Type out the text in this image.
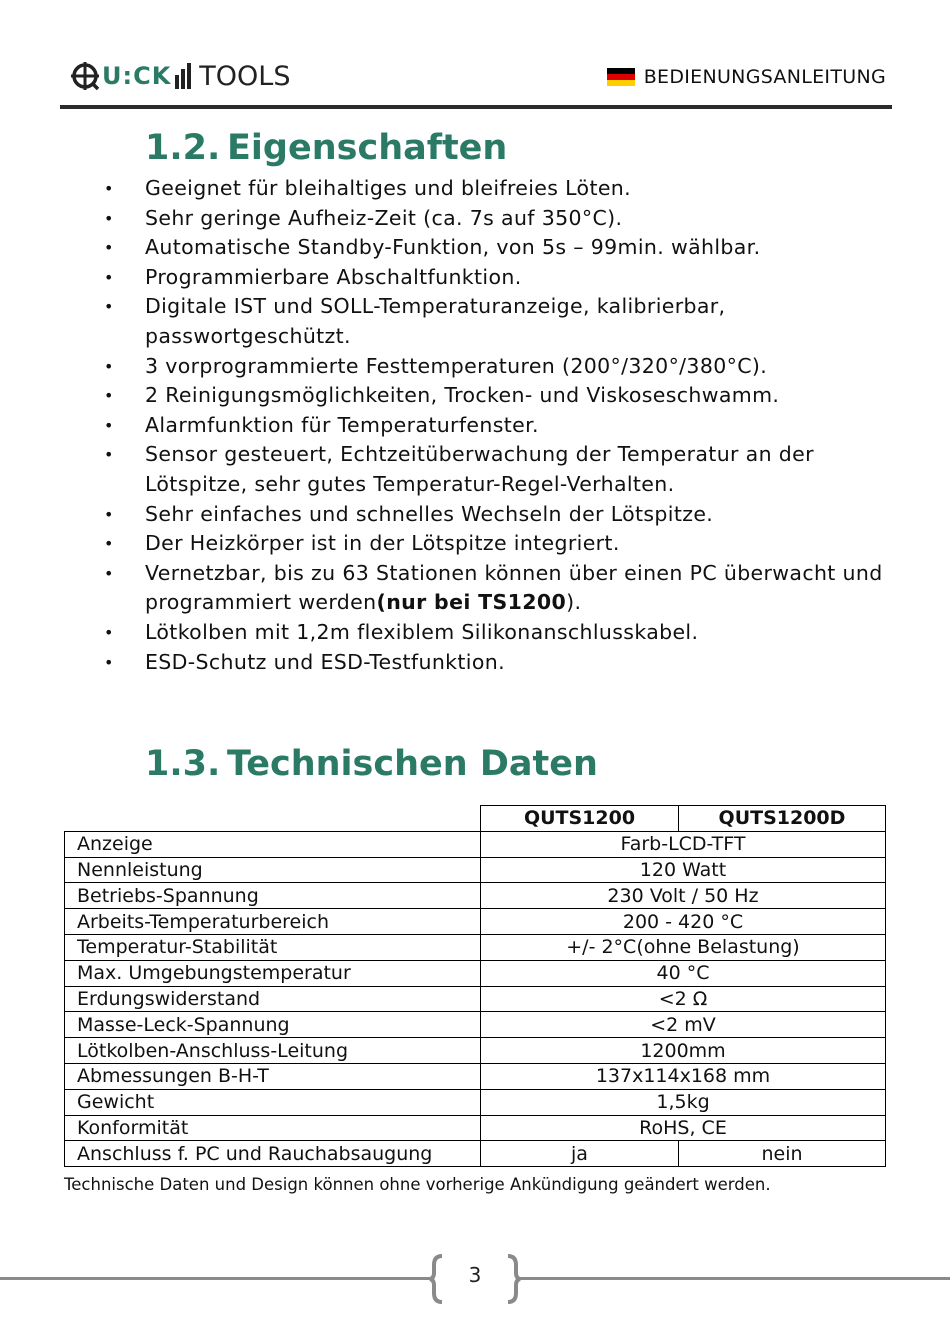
U:CK TOOLS	BEDIENUNGSANLEITUNG
1.2. Eigenschaften
• Geeignet für bleihaltiges und bleifreies Löten.
• Sehr geringe Aufheiz-Zeit (ca. 7s auf 350°C).
• Automatische Standby-Funktion, von 5s – 99min. wählbar.
• Programmierbare Abschaltfunktion.
• Digitale IST und SOLL-Temperaturanzeige, kalibrierbar, passwortgeschützt.
• 3 vorprogrammierte Festtemperaturen (200°/320°/380°C).
• 2 Reinigungsmöglichkeiten, Trocken- und Viskoseschwamm.
• Alarmfunktion für Temperaturfenster.
• Sensor gesteuert, Echtzeitüberwachung der Temperatur an der Lötspitze, sehr gutes Temperatur-Regel-Verhalten.
• Sehr einfaches und schnelles Wechseln der Lötspitze.
• Der Heizkörper ist in der Lötspitze integriert.
• Vernetzbar, bis zu 63 Stationen können über einen PC überwacht und programmiert werden(nur bei TS1200).
• Lötkolben mit 1,2m flexiblem Silikonanschlusskabel.
• ESD-Schutz und ESD-Testfunktion.
1.3. Technischen Daten
	QUTS1200	QUTS1200D
Anzeige	Farb-LCD-TFT	
Nennleistung	120 Watt	
Betriebs-Spannung	230 Volt / 50 Hz	
Arbeits-Temperaturbereich	200 - 420 °C	
Temperatur-Stabilität	+/- 2°C(ohne Belastung)	
Max. Umgebungstemperatur	40 °C	
Erdungswiderstand	<2 Ω	
Masse-Leck-Spannung	<2 mV	
Lötkolben-Anschluss-Leitung	1200mm	
Abmessungen B-H-T	137x114x168 mm	
Gewicht	1,5kg	
Konformität	RoHS, CE	
Anschluss f. PC und Rauchabsaugung	ja	nein
Technische Daten und Design können ohne vorherige Ankündigung geändert werden.
3
